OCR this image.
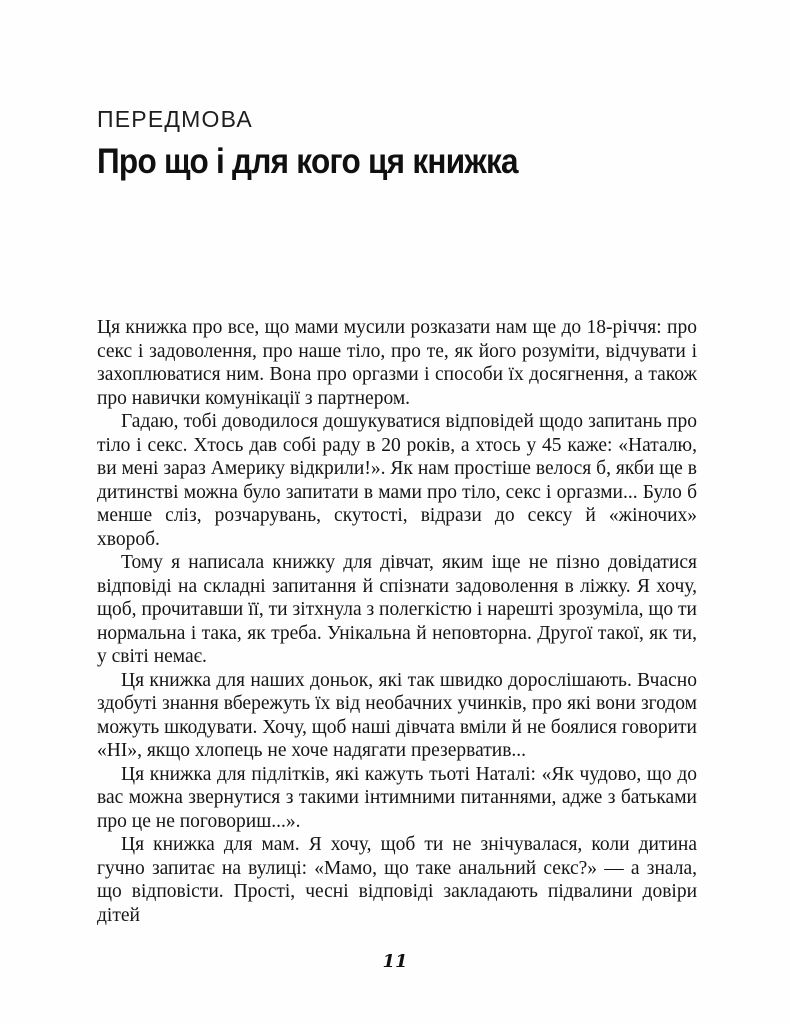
ПЕРЕДМОВА
Про що і для кого ця книжка

Ця книжка про все, що мами мусили розказати нам ще до 18-річчя: про секс і задоволення, про наше тіло, про те, як його розуміти, відчувати і захоплюватися ним. Вона про оргазми і способи їх досягнення, а також про навички комунікації з партнером.

Гадаю, тобі доводилося дошукуватися відповідей щодо запитань про тіло і секс. Хтось дав собі раду в 20 років, а хтось у 45 каже: «Наталю, ви мені зараз Америку відкрили!». Як нам простіше велося б, якби ще в дитинстві можна було запитати в мами про тіло, секс і оргазми... Було б менше сліз, розчарувань, скутості, відрази до сексу й «жіночих» хвороб.

Тому я написала книжку для дівчат, яким іще не пізно довідатися відповіді на складні запитання й спізнати задоволення в ліжку. Я хочу, щоб, прочитавши її, ти зітхнула з полегкістю і нарешті зрозуміла, що ти нормальна і така, як треба. Унікальна й неповторна. Другої такої, як ти, у світі немає.

Ця книжка для наших доньок, які так швидко дорослішають. Вчасно здобуті знання вбережуть їх від необачних учинків, про які вони згодом можуть шкодувати. Хочу, щоб наші дівчата вміли й не боялися говорити «НІ», якщо хлопець не хоче надягати презерватив...

Ця книжка для підлітків, які кажуть тьоті Наталі: «Як чудово, що до вас можна звернутися з такими інтимними питаннями, адже з батьками про це не поговориш...».

Ця книжка для мам. Я хочу, щоб ти не знічувалася, коли дитина гучно запитає на вулиці: «Мамо, що таке анальний секс?» — а знала, що відповісти. Прості, чесні відповіді закладають підвалини довіри дітей

11
